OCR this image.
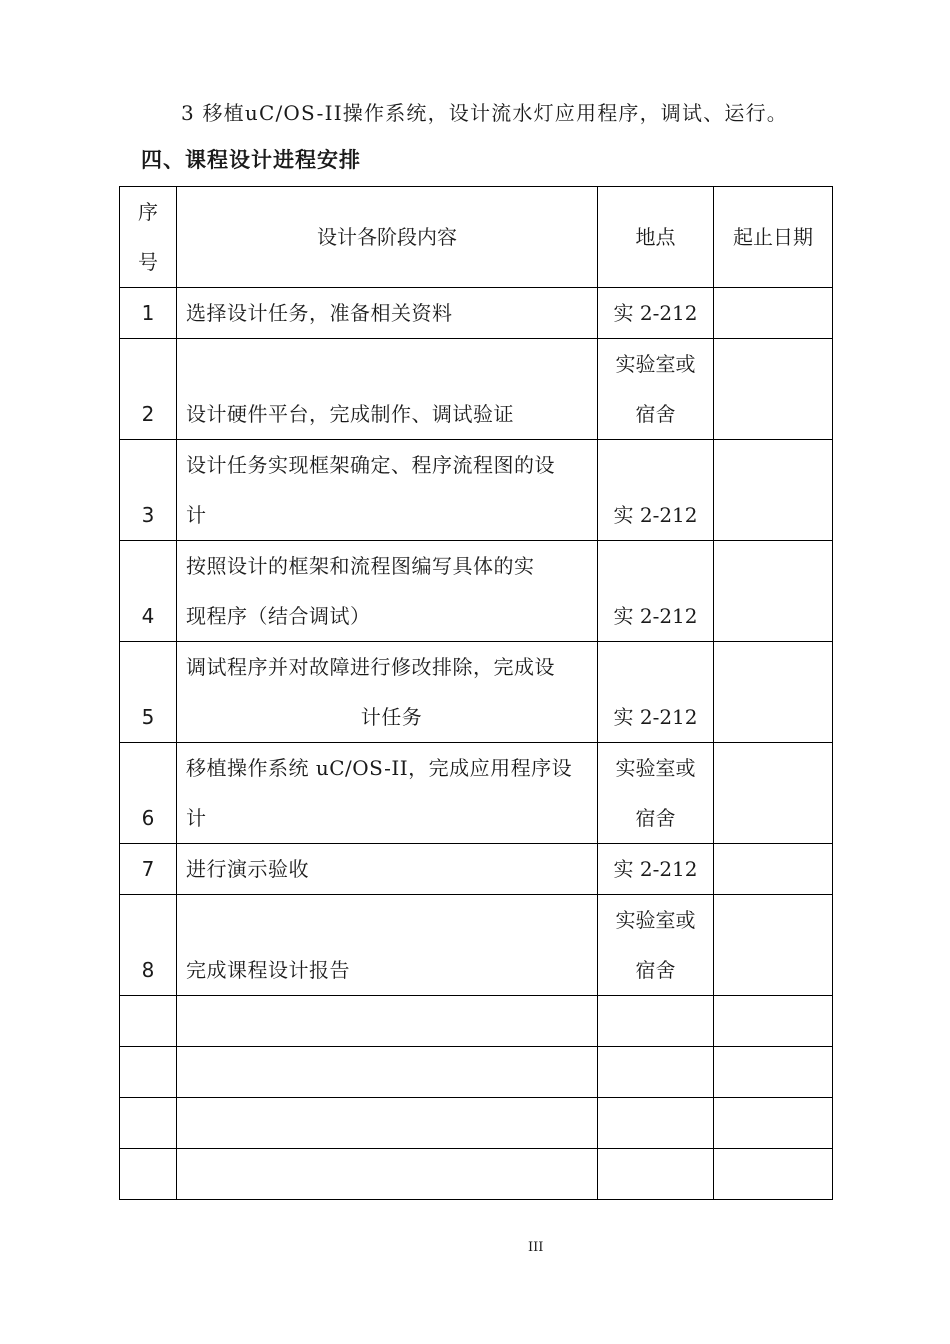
3 移植uC/OS-II操作系统，设计流水灯应用程序，调试、运行。
四、课程设计进程安排
序
号	设计各阶段内容	地点	起止日期
1	选择设计任务，准备相关资料	实 2-212	

2	设计硬件平台，完成制作、调试验证	实验室或
宿舍	

3	设计任务实现框架确定、程序流程图的设
计	实 2-212	

4	按照设计的框架和流程图编写具体的实
现程序（结合调试）	实 2-212	

5	调试程序并对故障进行修改排除，完成设
计任务	实 2-212	

6	移植操作系统 uC/OS-II，完成应用程序设
计	实验室或
宿舍	

7	进行演示验收	实 2-212	

8	完成课程设计报告	实验室或
宿舍	

III
